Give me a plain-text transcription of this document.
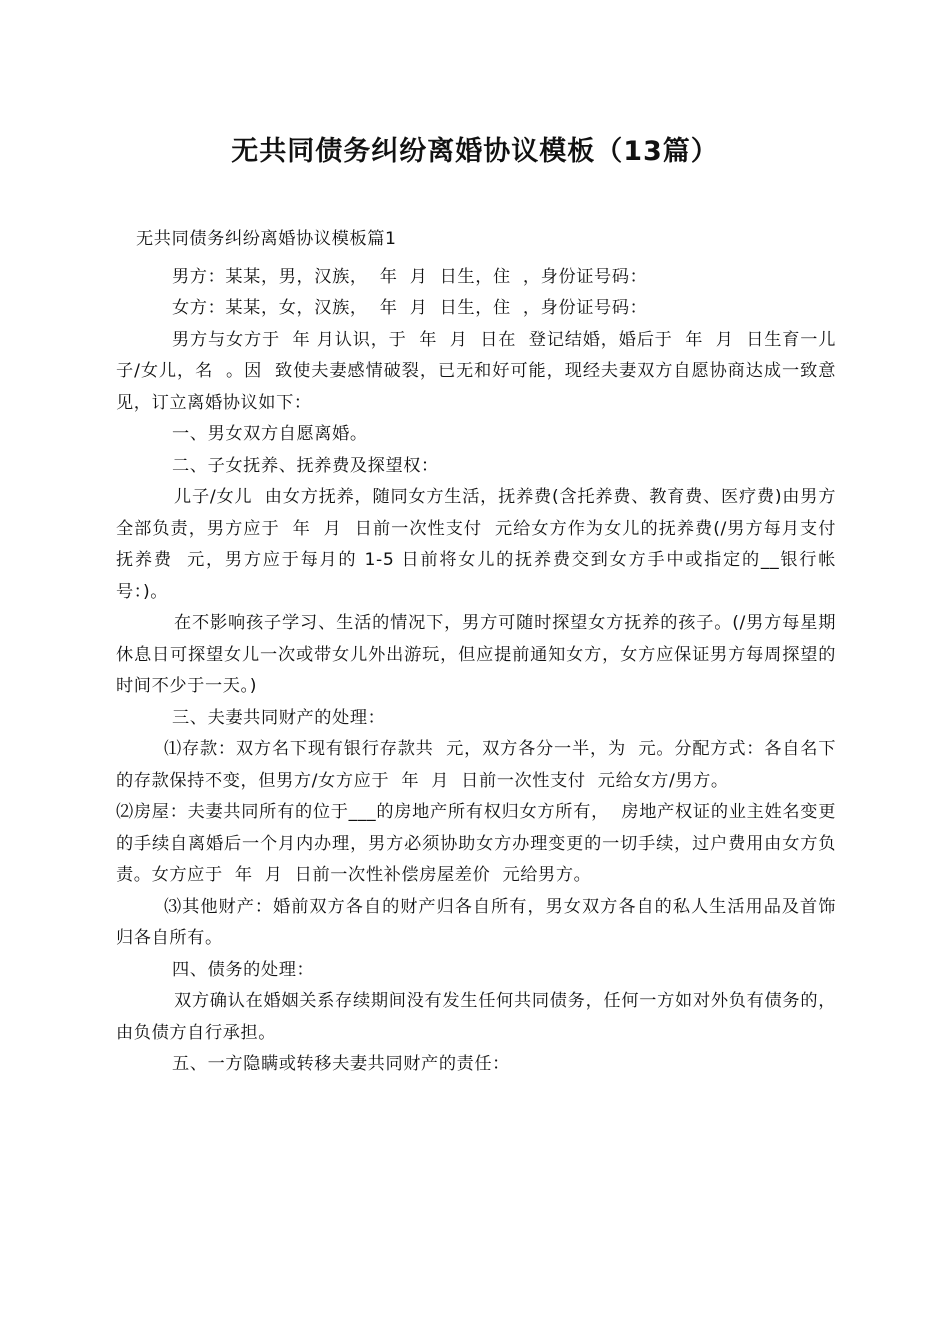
无共同债务纠纷离婚协议模板（13篇）

无共同债务纠纷离婚协议模板篇1

男方：某某，男，汉族，  年  月  日生，住  ，身份证号码：

女方：某某，女，汉族，  年  月  日生，住  ，身份证号码：

男方与女方于  年 月认识，于  年  月  日在  登记结婚，婚后于  年  月  日生育一儿子/女儿，名  。因  致使夫妻感情破裂，已无和好可能，现经夫妻双方自愿协商达成一致意见，订立离婚协议如下：

一、男女双方自愿离婚。

二、子女抚养、抚养费及探望权：

儿子/女儿  由女方抚养，随同女方生活，抚养费(含托养费、教育费、医疗费)由男方全部负责，男方应于  年  月  日前一次性支付  元给女方作为女儿的抚养费(/男方每月支付抚养费  元，男方应于每月的 1-5 日前将女儿的抚养费交到女方手中或指定的__银行帐号：)。

在不影响孩子学习、生活的情况下，男方可随时探望女方抚养的孩子。(/男方每星期休息日可探望女儿一次或带女儿外出游玩，但应提前通知女方，女方应保证男方每周探望的时间不少于一天。)

三、夫妻共同财产的处理：

⑴存款：双方名下现有银行存款共  元，双方各分一半，为  元。分配方式：各自名下的存款保持不变，但男方/女方应于  年  月  日前一次性支付  元给女方/男方。

⑵房屋：夫妻共同所有的位于___的房地产所有权归女方所有，  房地产权证的业主姓名变更的手续自离婚后一个月内办理，男方必须协助女方办理变更的一切手续，过户费用由女方负责。女方应于  年  月  日前一次性补偿房屋差价  元给男方。

⑶其他财产：婚前双方各自的财产归各自所有，男女双方各自的私人生活用品及首饰归各自所有。

四、债务的处理：

双方确认在婚姻关系存续期间没有发生任何共同债务，任何一方如对外负有债务的，由负债方自行承担。

五、一方隐瞒或转移夫妻共同财产的责任：
